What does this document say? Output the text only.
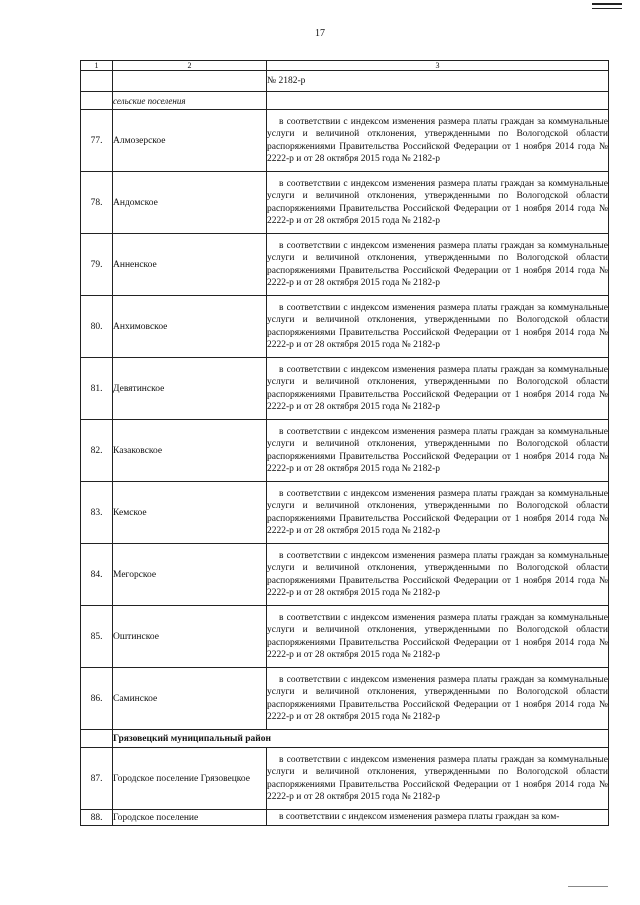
17
1	2	3
		№ 2182-р
	сельские поселения	
77.	Алмозерское	в соответствии с индексом изменения размера платы граждан за коммунальные услуги и величиной отклонения, утвержденными по Вологодской области распоряжениями Правительства Российской Федерации от 1 ноября 2014 года № 2222-р и от 28 октября 2015 года № 2182-р

78.	Андомское	в соответствии с индексом изменения размера платы граждан за коммунальные услуги и величиной отклонения, утвержденными по Вологодской области распоряжениями Правительства Российской Федерации от 1 ноября 2014 года № 2222-р и от 28 октября 2015 года № 2182-р

79.	Анненское	в соответствии с индексом изменения размера платы граждан за коммунальные услуги и величиной отклонения, утвержденными по Вологодской области распоряжениями Правительства Российской Федерации от 1 ноября 2014 года № 2222-р и от 28 октября 2015 года № 2182-р

80.	Анхимовское	в соответствии с индексом изменения размера платы граждан за коммунальные услуги и величиной отклонения, утвержденными по Вологодской области распоряжениями Правительства Российской Федерации от 1 ноября 2014 года № 2222-р и от 28 октября 2015 года № 2182-р

81.	Девятинское	в соответствии с индексом изменения размера платы граждан за коммунальные услуги и величиной отклонения, утвержденными по Вологодской области распоряжениями Правительства Российской Федерации от 1 ноября 2014 года № 2222-р и от 28 октября 2015 года № 2182-р

82.	Казаковское	в соответствии с индексом изменения размера платы граждан за коммунальные услуги и величиной отклонения, утвержденными по Вологодской области распоряжениями Правительства Российской Федерации от 1 ноября 2014 года № 2222-р и от 28 октября 2015 года № 2182-р

83.	Кемское	в соответствии с индексом изменения размера платы граждан за коммунальные услуги и величиной отклонения, утвержденными по Вологодской области распоряжениями Правительства Российской Федерации от 1 ноября 2014 года № 2222-р и от 28 октября 2015 года № 2182-р

84.	Мегорское	в соответствии с индексом изменения размера платы граждан за коммунальные услуги и величиной отклонения, утвержденными по Вологодской области распоряжениями Правительства Российской Федерации от 1 ноября 2014 года № 2222-р и от 28 октября 2015 года № 2182-р

85.	Оштинское	в соответствии с индексом изменения размера платы граждан за коммунальные услуги и величиной отклонения, утвержденными по Вологодской области распоряжениями Правительства Российской Федерации от 1 ноября 2014 года № 2222-р и от 28 октября 2015 года № 2182-р

86.	Саминское	в соответствии с индексом изменения размера платы граждан за коммунальные услуги и величиной отклонения, утвержденными по Вологодской области распоряжениями Правительства Российской Федерации от 1 ноября 2014 года № 2222-р и от 28 октября 2015 года № 2182-р

	Грязовецкий муниципальный район	
87.	Городское поселение Грязовецкое	в соответствии с индексом изменения размера платы граждан за коммунальные услуги и величиной отклонения, утвержденными по Вологодской области распоряжениями Правительства Российской Федерации от 1 ноября 2014 года № 2222-р и от 28 октября 2015 года № 2182-р

88.	Городское поселение	в соответствии с индексом изменения размера платы граждан за ком-
